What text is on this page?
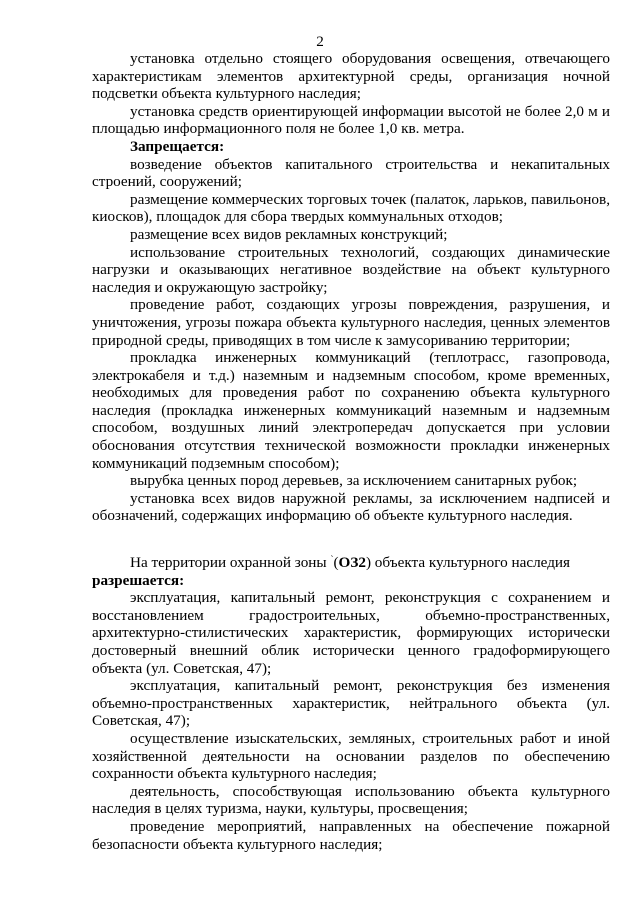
2

установка отдельно стоящего оборудования освещения, отвечающего характеристикам элементов архитектурной среды, организация ночной подсветки объекта культурного наследия;

установка средств ориентирующей информации высотой не более 2,0 м и площадью информационного поля не более 1,0 кв. метра.

Запрещается:

возведение объектов капитального строительства и некапитальных строений, сооружений;

размещение коммерческих торговых точек (палаток, ларьков, павильонов, киосков), площадок для сбора твердых коммунальных отходов;

размещение всех видов рекламных конструкций;

использование строительных технологий, создающих динамические нагрузки и оказывающих негативное воздействие на объект культурного наследия и окружающую застройку;

проведение работ, создающих угрозы повреждения, разрушения, и уничтожения, угрозы пожара объекта культурного наследия, ценных элементов природной среды, приводящих в том числе к замусориванию территории;

прокладка инженерных коммуникаций (теплотрасс, газопровода, электрокабеля и т.д.) наземным и надземным способом, кроме временных, необходимых для проведения работ по сохранению объекта культурного наследия (прокладка инженерных коммуникаций наземным и надземным способом, воздушных линий электропередач допускается при условии обоснования отсутствия технической возможности прокладки инженерных коммуникаций подземным способом);

вырубка ценных пород деревьев, за исключением санитарных рубок;

установка всех видов наружной рекламы, за исключением надписей и обозначений, содержащих информацию об объекте культурного наследия.

На территории охранной зоны `(ОЗ2) объекта культурного наследия

разрешается:

эксплуатация, капитальный ремонт, реконструкция с сохранением и восстановлением градостроительных, объемно-пространственных, архитектурно-стилистических характеристик, формирующих исторически достоверный внешний облик исторически ценного градоформирующего объекта (ул. Советская, 47);

эксплуатация, капитальный ремонт, реконструкция без изменения объемно-пространственных характеристик, нейтрального объекта (ул. Советская, 47);

осуществление изыскательских, земляных, строительных работ и иной хозяйственной деятельности на основании разделов по обеспечению сохранности объекта культурного наследия;

деятельность, способствующая использованию объекта культурного наследия в целях туризма, науки, культуры, просвещения;

проведение мероприятий, направленных на обеспечение пожарной безопасности объекта культурного наследия;
